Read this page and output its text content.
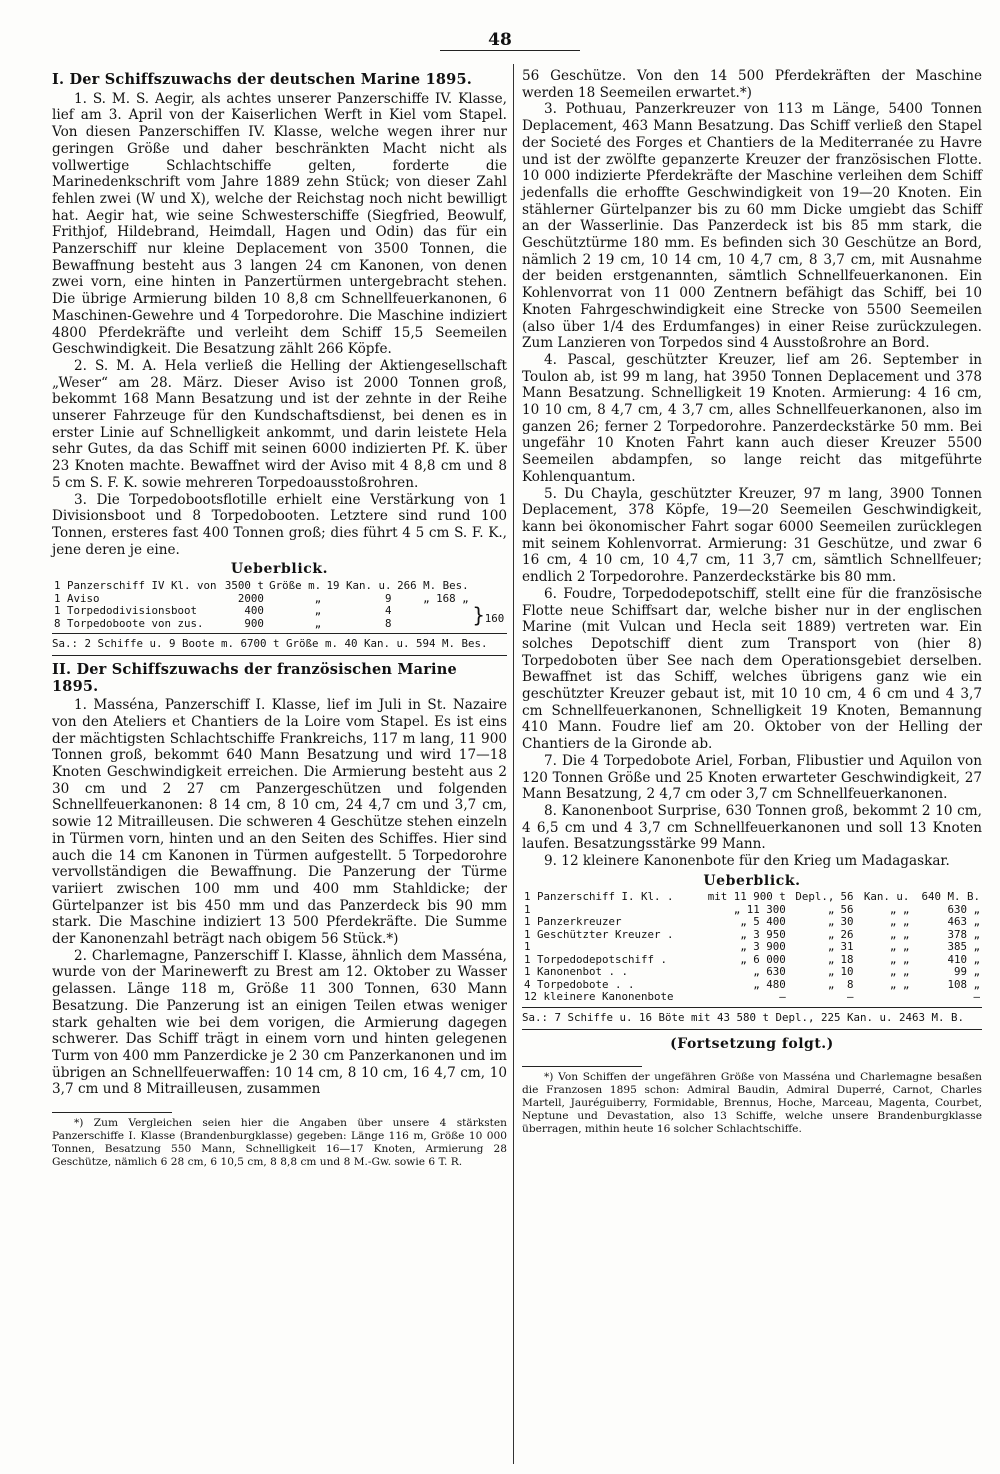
48
I. Der Schiffszuwachs der deutschen Marine 1895.

1. S. M. S. Aegir, als achtes unserer Panzerschiffe IV. Klasse, lief am 3. April von der Kaiserlichen Werft in Kiel vom Stapel. Von diesen Panzerschiffen IV. Klasse, welche wegen ihrer nur geringen Größe und daher beschränkten Macht nicht als vollwertige Schlachtschiffe gelten, forderte die Marinedenkschrift vom Jahre 1889 zehn Stück; von dieser Zahl fehlen zwei (W und X), welche der Reichstag noch nicht bewilligt hat. Aegir hat, wie seine Schwesterschiffe (Siegfried, Beowulf, Frithjof, Hildebrand, Heimdall, Hagen und Odin) das für ein Panzerschiff nur kleine Deplacement von 3500 Tonnen, die Bewaffnung besteht aus 3 langen 24 cm Kanonen, von denen zwei vorn, eine hinten in Panzertürmen untergebracht stehen. Die übrige Armierung bilden 10 8,8 cm Schnellfeuerkanonen, 6 Maschinen-Gewehre und 4 Torpedorohre. Die Maschine indiziert 4800 Pferdekräfte und verleiht dem Schiff 15,5 Seemeilen Geschwindigkeit. Die Besatzung zählt 266 Köpfe.

2. S. M. A. Hela verließ die Helling der Aktiengesellschaft „Weser“ am 28. März. Dieser Aviso ist 2000 Tonnen groß, bekommt 168 Mann Besatzung und ist der zehnte in der Reihe unserer Fahrzeuge für den Kundschaftsdienst, bei denen es in erster Linie auf Schnelligkeit ankommt, und darin leistete Hela sehr Gutes, da das Schiff mit seinen 6000 indizierten Pf. K. über 23 Knoten machte. Bewaffnet wird der Aviso mit 4 8,8 cm und 8 5 cm S. F. K. sowie mehreren Torpedoausstoßrohren.

3. Die Torpedobootsflotille erhielt eine Verstärkung von 1 Divisionsboot und 8 Torpedobooten. Letztere sind rund 100 Tonnen, ersteres fast 400 Tonnen groß; dies führt 4 5 cm S. F. K., jene deren je eine.

Ueberblick.
1 Panzerschiff IV Kl. von	3500 t	Größe m.	19 Kan. u.	266 M. Bes.	
1 Aviso	2000	„	9	„ 168 „	
1 Torpedodivisionsboot	400	„	4		}160
8 Torpedoboote von zus.	900	„	8		
Sa.: 2 Schiffe u. 9 Boote m. 6700 t Größe m. 40 Kan. u. 594 M. Bes.
II. Der Schiffszuwachs der französischen Marine 1895.

1. Masséna, Panzerschiff I. Klasse, lief im Juli in St. Nazaire von den Ateliers et Chantiers de la Loire vom Stapel. Es ist eins der mächtigsten Schlachtschiffe Frankreichs, 117 m lang, 11 900 Tonnen groß, bekommt 640 Mann Besatzung und wird 17—18 Knoten Geschwindigkeit erreichen. Die Armierung besteht aus 2 30 cm und 2 27 cm Panzergeschützen und folgenden Schnellfeuerkanonen: 8 14 cm, 8 10 cm, 24 4,7 cm und 3,7 cm, sowie 12 Mitrailleusen. Die schweren 4 Geschütze stehen einzeln in Türmen vorn, hinten und an den Seiten des Schiffes. Hier sind auch die 14 cm Kanonen in Türmen aufgestellt. 5 Torpedorohre vervollständigen die Bewaffnung. Die Panzerung der Türme variiert zwischen 100 mm und 400 mm Stahldicke; der Gürtelpanzer ist bis 450 mm und das Panzerdeck bis 90 mm stark. Die Maschine indiziert 13 500 Pferdekräfte. Die Summe der Kanonenzahl beträgt nach obigem 56 Stück.*)

2. Charlemagne, Panzerschiff I. Klasse, ähnlich dem Masséna, wurde von der Marinewerft zu Brest am 12. Oktober zu Wasser gelassen. Länge 118 m, Größe 11 300 Tonnen, 630 Mann Besatzung. Die Panzerung ist an einigen Teilen etwas weniger stark gehalten wie bei dem vorigen, die Armierung dagegen schwerer. Das Schiff trägt in einem vorn und hinten gelegenen Turm von 400 mm Panzerdicke je 2 30 cm Panzerkanonen und im übrigen an Schnellfeuerwaffen: 10 14 cm, 8 10 cm, 16 4,7 cm, 10 3,7 cm und 8 Mitrailleusen, zusammen

*) Zum Vergleichen seien hier die Angaben über unsere 4 stärksten Panzerschiffe I. Klasse (Brandenburgklasse) gegeben: Länge 116 m, Größe 10 000 Tonnen, Besatzung 550 Mann, Schnelligkeit 16—17 Knoten, Armierung 28 Geschütze, nämlich 6 28 cm, 6 10,5 cm, 8 8,8 cm und 8 M.-Gw. sowie 6 T. R.

56 Geschütze. Von den 14 500 Pferdekräften der Maschine werden 18 Seemeilen erwartet.*)

3. Pothuau, Panzerkreuzer von 113 m Länge, 5400 Tonnen Deplacement, 463 Mann Besatzung. Das Schiff verließ den Stapel der Societé des Forges et Chantiers de la Mediterranée zu Havre und ist der zwölfte gepanzerte Kreuzer der französischen Flotte. 10 000 indizierte Pferdekräfte der Maschine verleihen dem Schiff jedenfalls die erhoffte Geschwindigkeit von 19—20 Knoten. Ein stählerner Gürtelpanzer bis zu 60 mm Dicke umgiebt das Schiff an der Wasserlinie. Das Panzerdeck ist bis 85 mm stark, die Geschütztürme 180 mm. Es befinden sich 30 Geschütze an Bord, nämlich 2 19 cm, 10 14 cm, 10 4,7 cm, 8 3,7 cm, mit Ausnahme der beiden erstgenannten, sämtlich Schnellfeuerkanonen. Ein Kohlenvorrat von 11 000 Zentnern befähigt das Schiff, bei 10 Knoten Fahrgeschwindigkeit eine Strecke von 5500 Seemeilen (also über 1/4 des Erdumfanges) in einer Reise zurückzulegen. Zum Lanzieren von Torpedos sind 4 Ausstoßrohre an Bord.

4. Pascal, geschützter Kreuzer, lief am 26. September in Toulon ab, ist 99 m lang, hat 3950 Tonnen Deplacement und 378 Mann Besatzung. Schnelligkeit 19 Knoten. Armierung: 4 16 cm, 10 10 cm, 8 4,7 cm, 4 3,7 cm, alles Schnellfeuerkanonen, also im ganzen 26; ferner 2 Torpedorohre. Panzerdeckstärke 50 mm. Bei ungefähr 10 Knoten Fahrt kann auch dieser Kreuzer 5500 Seemeilen abdampfen, so lange reicht das mitgeführte Kohlenquantum.

5. Du Chayla, geschützter Kreuzer, 97 m lang, 3900 Tonnen Deplacement, 378 Köpfe, 19—20 Seemeilen Geschwindigkeit, kann bei ökonomischer Fahrt sogar 6000 Seemeilen zurücklegen mit seinem Kohlenvorrat. Armierung: 31 Geschütze, und zwar 6 16 cm, 4 10 cm, 10 4,7 cm, 11 3,7 cm, sämtlich Schnellfeuer; endlich 2 Torpedorohre. Panzerdeckstärke bis 80 mm.

6. Foudre, Torpedodepotschiff, stellt eine für die französische Flotte neue Schiffsart dar, welche bisher nur in der englischen Marine (mit Vulcan und Hecla seit 1889) vertreten war. Ein solches Depotschiff dient zum Transport von (hier 8) Torpedoboten über See nach dem Operationsgebiet derselben. Bewaffnet ist das Schiff, welches übrigens ganz wie ein geschützter Kreuzer gebaut ist, mit 10 10 cm, 4 6 cm und 4 3,7 cm Schnellfeuerkanonen, Schnelligkeit 19 Knoten, Bemannung 410 Mann. Foudre lief am 20. Oktober von der Helling der Chantiers de la Gironde ab.

7. Die 4 Torpedobote Ariel, Forban, Flibustier und Aquilon von 120 Tonnen Größe und 25 Knoten erwarteter Geschwindigkeit, 27 Mann Besatzung, 2 4,7 cm oder 3,7 cm Schnellfeuerkanonen.

8. Kanonenboot Surprise, 630 Tonnen groß, bekommt 2 10 cm, 4 6,5 cm und 4 3,7 cm Schnellfeuerkanonen und soll 13 Knoten laufen. Besatzungsstärke 99 Mann.

9. 12 kleinere Kanonenbote für den Krieg um Madagaskar.

Ueberblick.
1 Panzerschiff I. Kl. .	mit 11 900 t	Depl.,	56	Kan. u.	640 M. B.
1	„ 11 300	„	56	„ „	630 „
1 Panzerkreuzer	„ 5 400	„	30	„ „	463 „
1 Geschützter Kreuzer .	„ 3 950	„	26	„ „	378 „
1	„ 3 900	„	31	„ „	385 „
1 Torpedodepotschiff .	„ 6 000	„	18	„ „	410 „
1 Kanonenbot . .	„ 630	„	10	„ „	99 „
4 Torpedobote . .	„ 480	„	8	„ „	108 „
12 kleinere Kanonenbote	—		—		—
Sa.: 7 Schiffe u. 16 Böte mit 43 580 t Depl., 225 Kan. u. 2463 M. B.
(Fortsetzung folgt.)

*) Von Schiffen der ungefähren Größe von Masséna und Charlemagne besaßen die Franzosen 1895 schon: Admiral Baudin, Admiral Duperré, Carnot, Charles Martell, Jauréguiberry, Formidable, Brennus, Hoche, Marceau, Magenta, Courbet, Neptune und Devastation, also 13 Schiffe, welche unsere Brandenburgklasse überragen, mithin heute 16 solcher Schlachtschiffe.
